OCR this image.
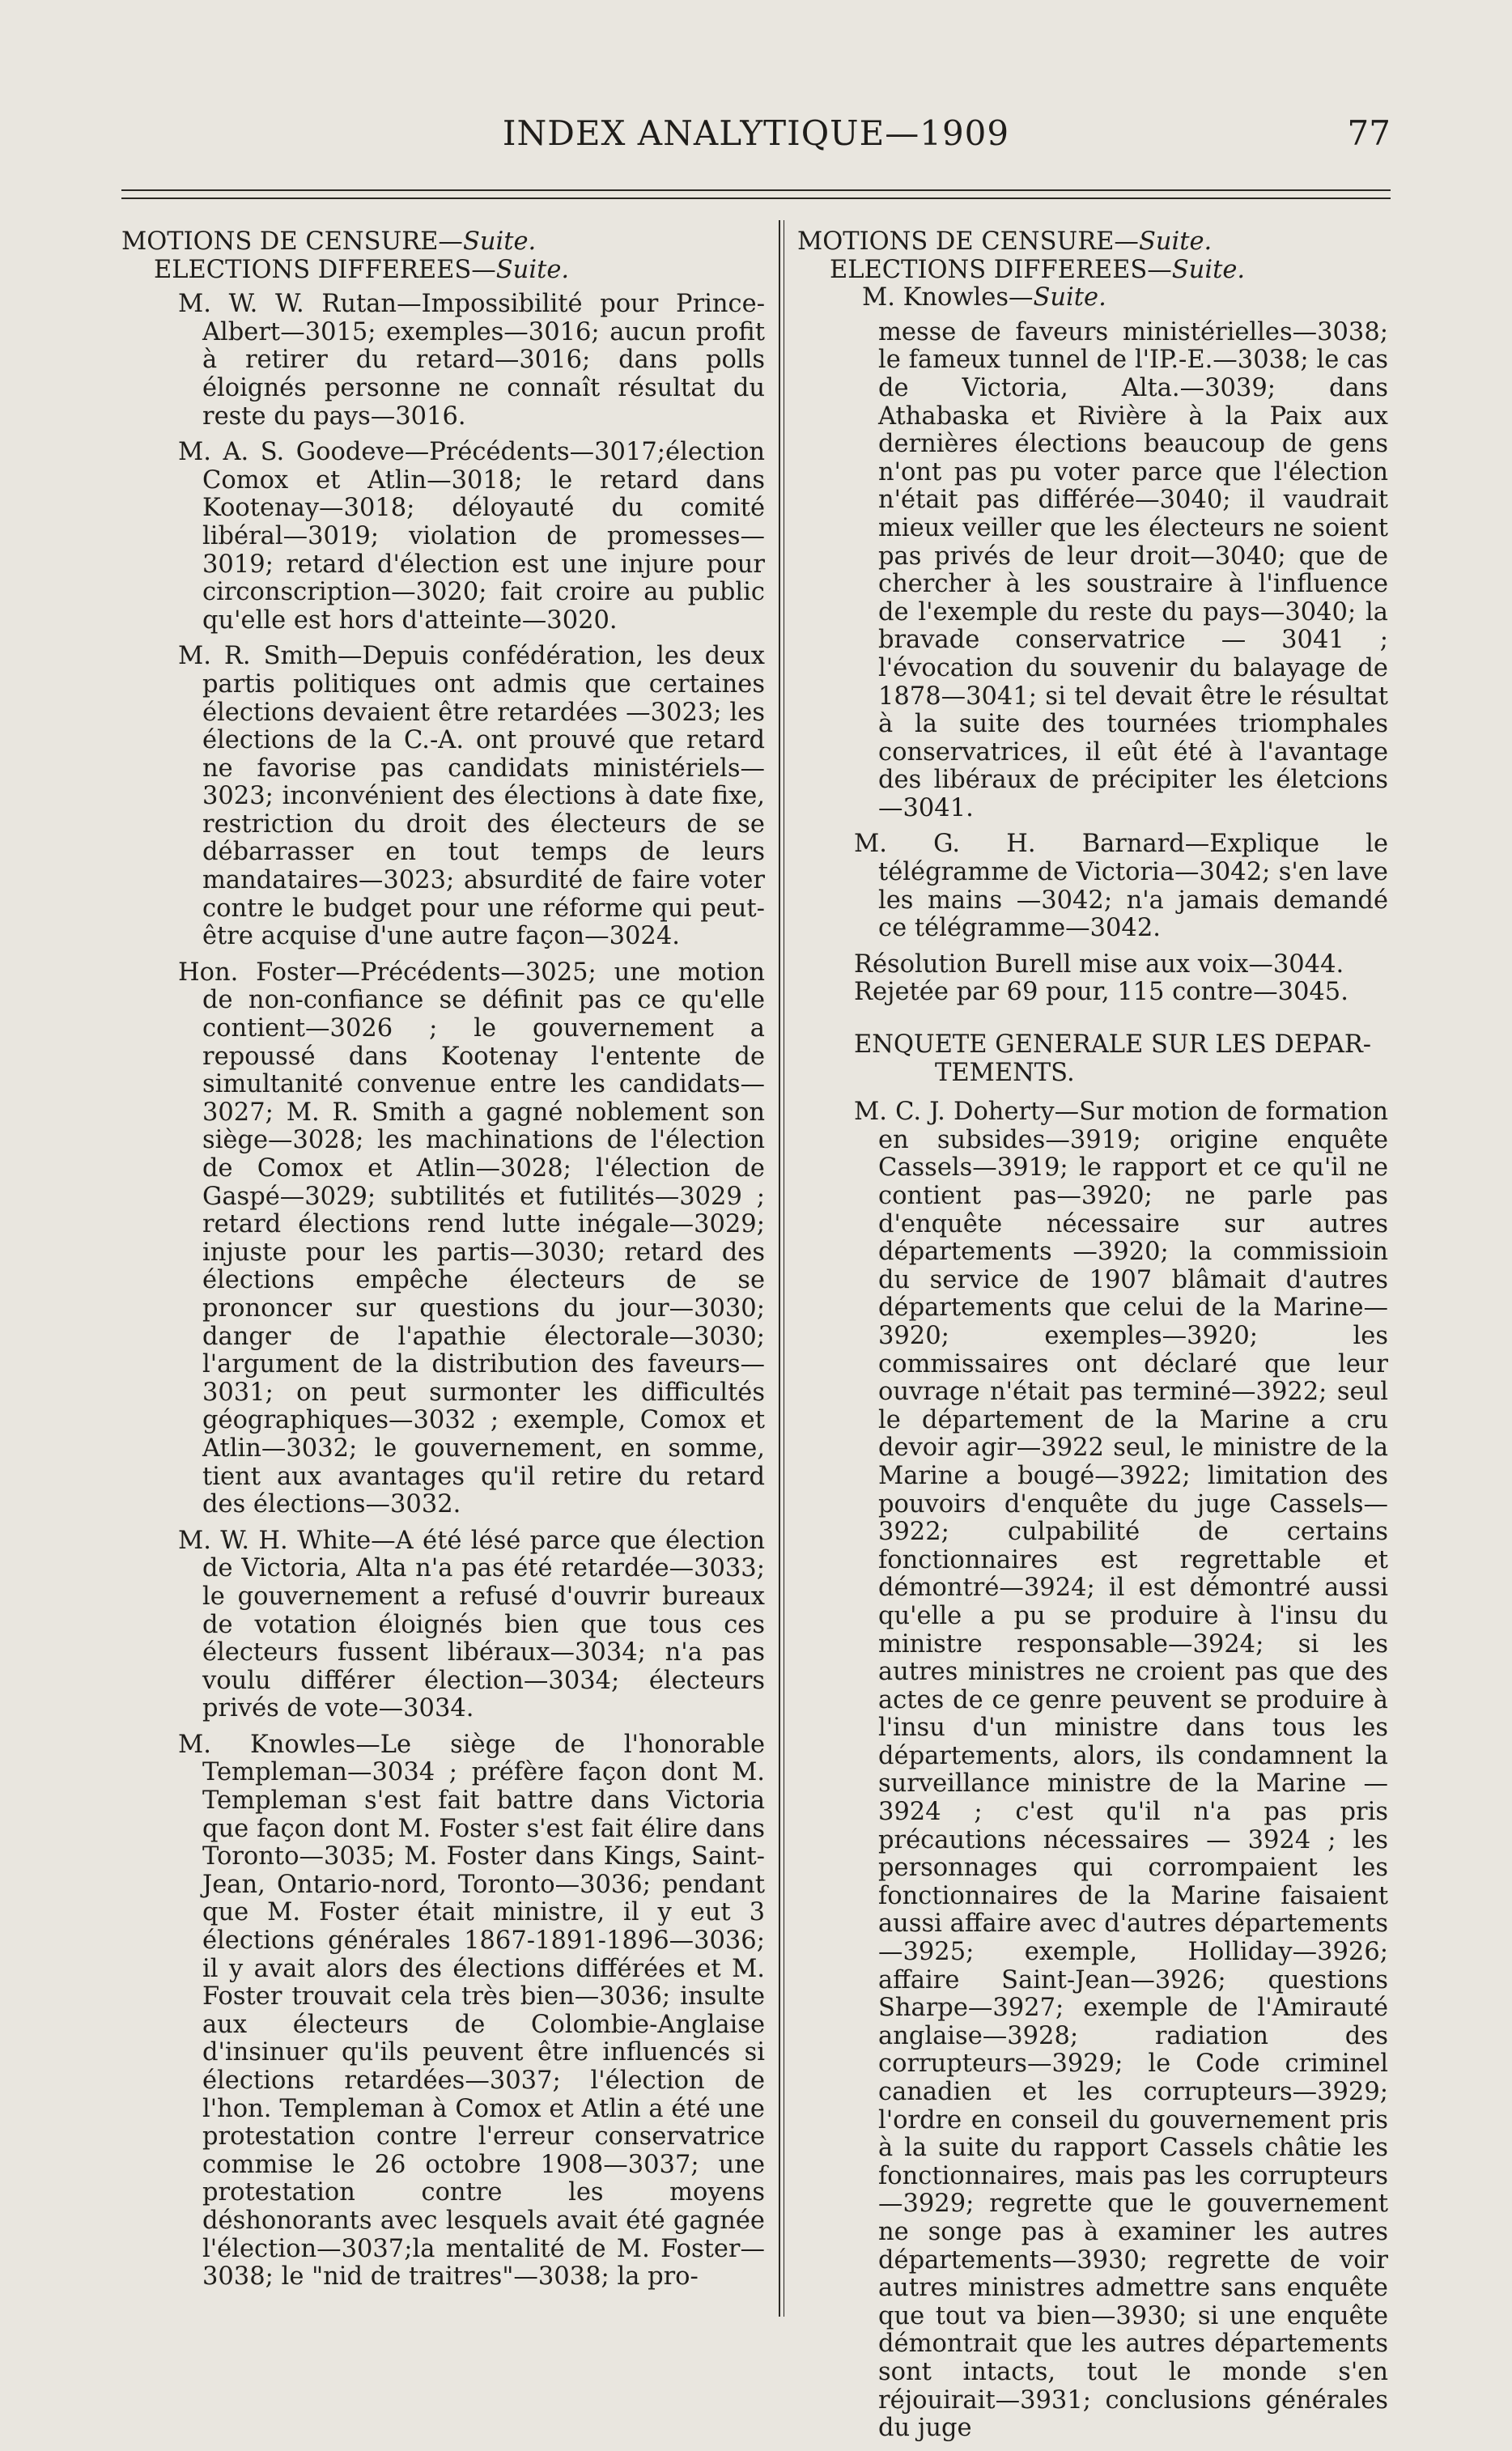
INDEX ANALYTIQUE—1909	77
MOTIONS DE CENSURE—Suite.
ELECTIONS DIFFEREES—Suite.

M. W. W. Rutan—Impossibilité pour Prince-Albert—3015; exemples—3016; aucun profit à retirer du retard—3016; dans polls éloignés personne ne connaît résultat du reste du pays—3016.

M. A. S. Goodeve—Précédents—3017;élection Comox et Atlin—3018; le retard dans Kootenay—3018; déloyauté du comité libéral—3019; violation de promesses—3019; retard d'élection est une injure pour circonscription—3020; fait croire au public qu'elle est hors d'atteinte—3020.

M. R. Smith—Depuis confédération, les deux partis politiques ont admis que certaines élections devaient être retardées —3023; les élections de la C.-A. ont prouvé que retard ne favorise pas candidats ministériels—3023; inconvénient des élections à date fixe, restriction du droit des électeurs de se débarrasser en tout temps de leurs mandataires—3023; absurdité de faire voter contre le budget pour une réforme qui peut-être acquise d'une autre façon—3024.

Hon. Foster—Précédents—3025; une motion de non-confiance se définit pas ce qu'elle contient—3026 ; le gouvernement a repoussé dans Kootenay l'entente de simultanité convenue entre les candidats—3027; M. R. Smith a gagné noblement son siège—3028; les machinations de l'élection de Comox et Atlin—3028; l'élection de Gaspé—3029; subtilités et futilités—3029 ; retard élections rend lutte inégale—3029; injuste pour les partis—3030; retard des élections empêche électeurs de se prononcer sur questions du jour—3030; danger de l'apathie électorale—3030; l'argument de la distribution des faveurs—3031; on peut surmonter les difficultés géographiques—3032 ; exemple, Comox et Atlin—3032; le gouvernement, en somme, tient aux avantages qu'il retire du retard des élections—3032.

M. W. H. White—A été lésé parce que élection de Victoria, Alta n'a pas été retardée—3033; le gouvernement a refusé d'ouvrir bureaux de votation éloignés bien que tous ces électeurs fussent libéraux—3034; n'a pas voulu différer élection—3034; électeurs privés de vote—3034.

M. Knowles—Le siège de l'honorable Templeman—3034 ; préfère façon dont M. Templeman s'est fait battre dans Victoria que façon dont M. Foster s'est fait élire dans Toronto—3035; M. Foster dans Kings, Saint-Jean, Ontario-nord, Toronto—3036; pendant que M. Foster était ministre, il y eut 3 élections générales 1867-1891-1896—3036; il y avait alors des élections différées et M. Foster trouvait cela très bien—3036; insulte aux électeurs de Colombie-Anglaise d'insinuer qu'ils peuvent être influencés si élections retardées—3037; l'élection de l'hon. Templeman à Comox et Atlin a été une protestation contre l'erreur conservatrice commise le 26 octobre 1908—3037; une protestation contre les moyens déshonorants avec lesquels avait été gagnée l'élection—3037;la mentalité de M. Foster—3038; le "nid de traitres"—3038; la pro-

MOTIONS DE CENSURE—Suite.
ELECTIONS DIFFEREES—Suite.
M. Knowles—Suite.

messe de faveurs ministérielles—3038; le fameux tunnel de l'IP.-E.—3038; le cas de Victoria, Alta.—3039; dans Athabaska et Rivière à la Paix aux dernières élections beaucoup de gens n'ont pas pu voter parce que l'élection n'était pas différée—3040; il vaudrait mieux veiller que les électeurs ne soient pas privés de leur droit—3040; que de chercher à les soustraire à l'influence de l'exemple du reste du pays—3040; la bravade conservatrice — 3041 ; l'évocation du souvenir du balayage de 1878—3041; si tel devait être le résultat à la suite des tournées triomphales conservatrices, il eût été à l'avantage des libéraux de précipiter les életcions—3041.

M. G. H. Barnard—Explique le télégramme de Victoria—3042; s'en lave les mains —3042; n'a jamais demandé ce télégramme—3042.

Résolution Burell mise aux voix—3044.

Rejetée par 69 pour, 115 contre—3045.

ENQUETE GENERALE SUR LES DEPAR-
TEMENTS.

M. C. J. Doherty—Sur motion de formation en subsides—3919; origine enquête Cassels—3919; le rapport et ce qu'il ne contient pas—3920; ne parle pas d'enquête nécessaire sur autres départements —3920; la commissioin du service de 1907 blâmait d'autres départements que celui de la Marine—3920; exemples—3920; les commissaires ont déclaré que leur ouvrage n'était pas terminé—3922; seul le département de la Marine a cru devoir agir—3922 seul, le ministre de la Marine a bougé—3922; limitation des pouvoirs d'enquête du juge Cassels—3922; culpabilité de certains fonctionnaires est regrettable et démontré—3924; il est démontré aussi qu'elle a pu se produire à l'insu du ministre responsable—3924; si les autres ministres ne croient pas que des actes de ce genre peuvent se produire à l'insu d'un ministre dans tous les départements, alors, ils condamnent la surveillance ministre de la Marine — 3924 ; c'est qu'il n'a pas pris précautions nécessaires — 3924 ; les personnages qui corrompaient les fonctionnaires de la Marine faisaient aussi affaire avec d'autres départements —3925; exemple, Holliday—3926; affaire Saint-Jean—3926; questions Sharpe—3927; exemple de l'Amirauté anglaise—3928; radiation des corrupteurs—3929; le Code criminel canadien et les corrupteurs—3929; l'ordre en conseil du gouvernement pris à la suite du rapport Cassels châtie les fonctionnaires, mais pas les corrupteurs—3929; regrette que le gouvernement ne songe pas à examiner les autres départements—3930; regrette de voir autres ministres admettre sans enquête que tout va bien—3930; si une enquête démontrait que les autres départements sont intacts, tout le monde s'en réjouirait—3931; conclusions générales du juge
